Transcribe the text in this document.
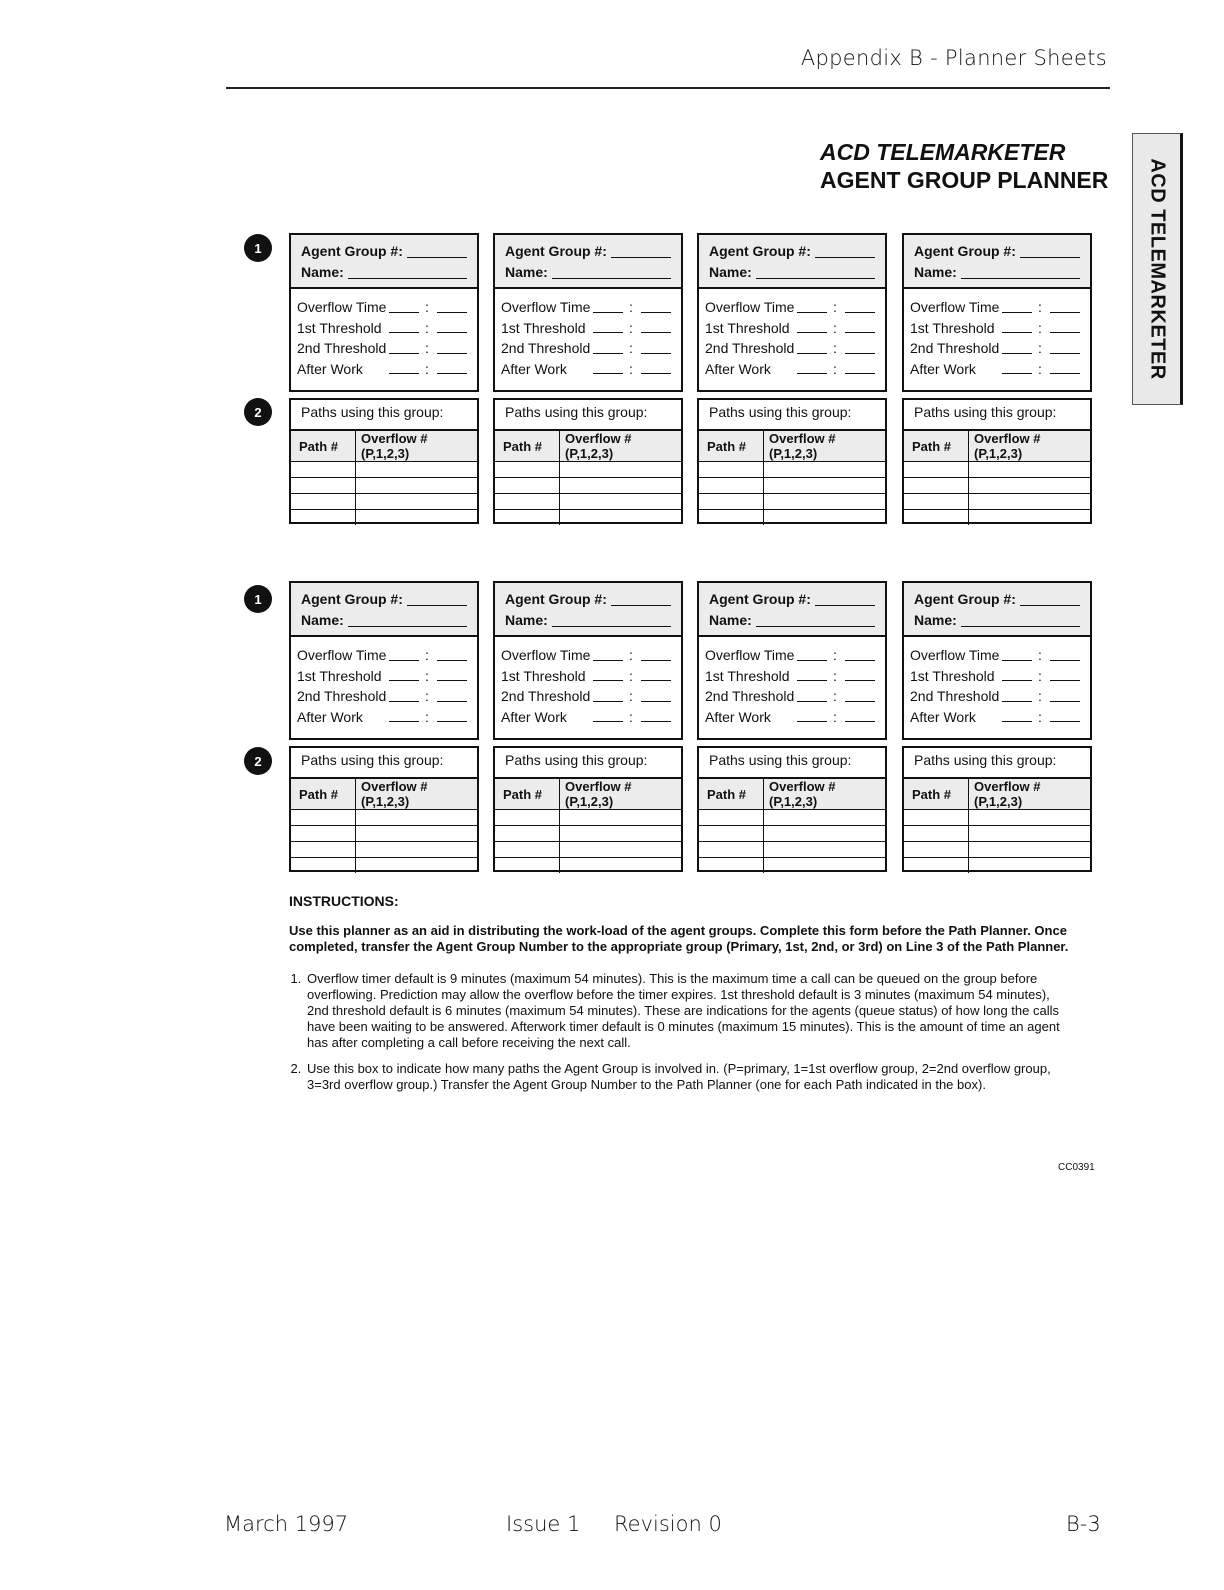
Appendix B - Planner Sheets
ACD TELEMARKETER
AGENT GROUP PLANNER ACD TELEMARKETER
1
2
1
2
Agent Group #:
Name:
Overflow Time	:
1st Threshold	:
2nd Threshold	:
After Work	:
Paths using this group:
Path #	Overflow # (P,1,2,3)

Agent Group #:
Name:
Overflow Time	:
1st Threshold	:
2nd Threshold	:
After Work	:
Paths using this group:
Path #	Overflow # (P,1,2,3)

Agent Group #:
Name:
Overflow Time	:
1st Threshold	:
2nd Threshold	:
After Work	:
Paths using this group:
Path #	Overflow # (P,1,2,3)

Agent Group #:
Name:
Overflow Time	:
1st Threshold	:
2nd Threshold	:
After Work	:
Paths using this group:
Path #	Overflow # (P,1,2,3)

Agent Group #:
Name:
Overflow Time	:
1st Threshold	:
2nd Threshold	:
After Work	:
Paths using this group:
Path #	Overflow # (P,1,2,3)

Agent Group #:
Name:
Overflow Time	:
1st Threshold	:
2nd Threshold	:
After Work	:
Paths using this group:
Path #	Overflow # (P,1,2,3)

Agent Group #:
Name:
Overflow Time	:
1st Threshold	:
2nd Threshold	:
After Work	:
Paths using this group:
Path #	Overflow # (P,1,2,3)

Agent Group #:
Name:
Overflow Time	:
1st Threshold	:
2nd Threshold	:
After Work	:
Paths using this group:
Path #	Overflow # (P,1,2,3)

INSTRUCTIONS:

Use this planner as an aid in distributing the work-load of the agent groups. Complete this form before the Path Planner. Once completed, transfer the Agent Group Number to the appropriate group (Primary, 1st, 2nd, or 3rd) on Line 3 of the Path Planner.

1. Overflow timer default is 9 minutes (maximum 54 minutes). This is the maximum time a call can be queued on the group before overflowing. Prediction may allow the overflow before the timer expires. 1st threshold default is 3 minutes (maximum 54 minutes), 2nd threshold default is 6 minutes (maximum 54 minutes). These are indications for the agents (queue status) of how long the calls have been waiting to be answered. Afterwork timer default is 0 minutes (maximum 15 minutes). This is the amount of time an agent has after completing a call before receiving the next call.
2. Use this box to indicate how many paths the Agent Group is involved in. (P=primary, 1=1st overflow group, 2=2nd overflow group, 3=3rd overflow group.) Transfer the Agent Group Number to the Path Planner (one for each Path indicated in the box).
CC0391
March 1997	Issue 1 Revision 0	B-3
